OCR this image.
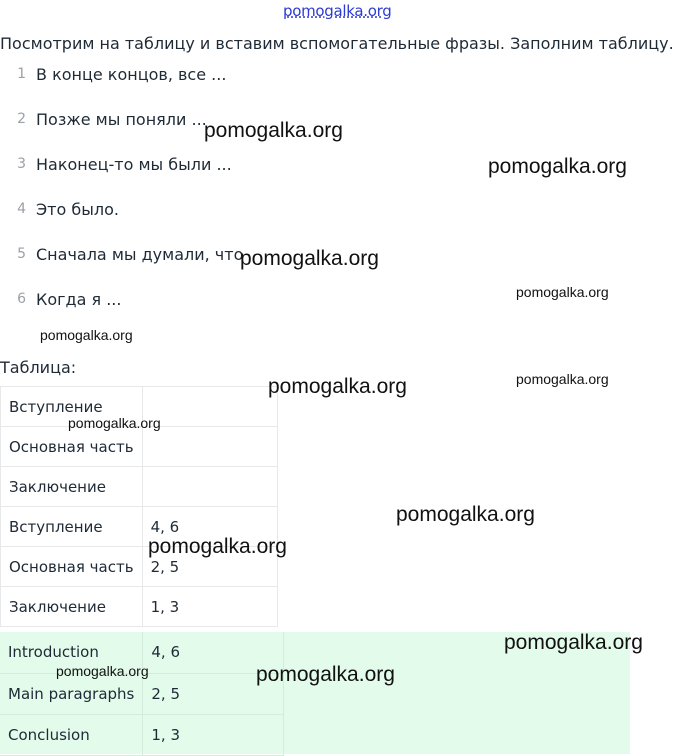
pomogalka.org
Посмотрим на таблицу и вставим вспомогательные фразы. Заполним таблицу.
1 В конце концов, все ...
2 Позже мы поняли ...
3 Наконец-то мы были ...
4 Это было.
5 Сначала мы думали, что
6 Когда я ...
Таблица:
Вступление	
Основная часть	
Заключение	
Вступление	4, 6
Основная часть	2, 5
Заключение	1, 3
Introduction	4, 6
Main paragraphs	2, 5
Conclusion	1, 3
pomogalka.org
pomogalka.org
pomogalka.org
pomogalka.org
pomogalka.org
pomogalka.org	pomogalka.org
pomogalka.org
pomogalka.org
pomogalka.org
pomogalka.org
pomogalka.org	pomogalka.org
